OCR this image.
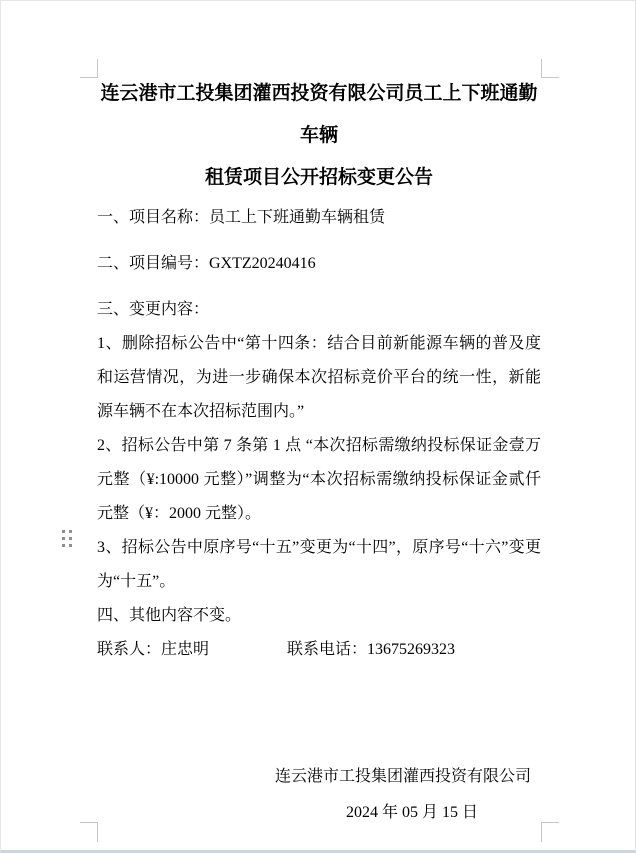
连云港市工投集团灌西投资有限公司员工上下班通勤车辆
租赁项目公开招标变更公告

一、项目名称：员工上下班通勤车辆租赁

二、项目编号：GXTZ20240416

三、变更内容：

1、删除招标公告中“第十四条：结合目前新能源车辆的普及度和运营情况，为进一步确保本次招标竞价平台的统一性，新能源车辆不在本次招标范围内。”

2、招标公告中第 7 条第 1 点 “本次招标需缴纳投标保证金壹万元整（¥:10000 元整）”调整为“本次招标需缴纳投标保证金贰仟元整（¥：2000 元整）。

3、招标公告中原序号“十五”变更为“十四”，原序号“十六”变更为“十五”。

四、其他内容不变。

联系人：庄忠明	联系电话：13675269323

连云港市工投集团灌西投资有限公司

2024 年 05 月 15 日
